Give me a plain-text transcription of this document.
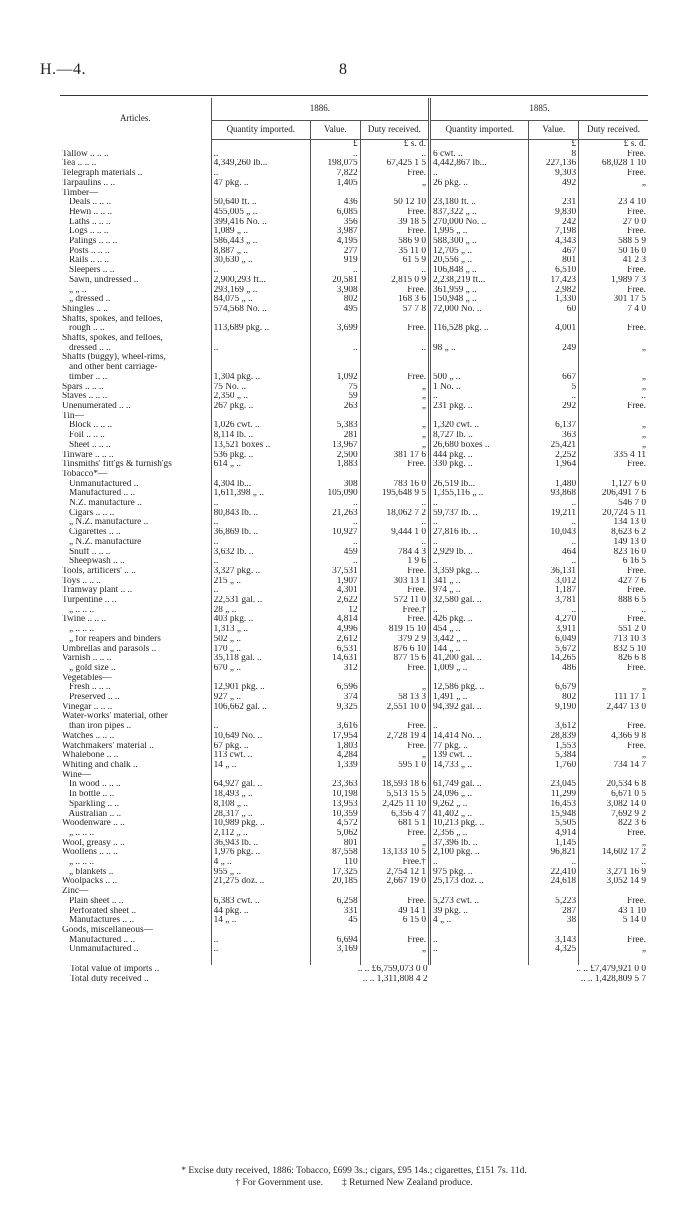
H.—4.	8
Articles.	1886.			1885.		
	Quantity imported.	Value.	Duty received.	Quantity imported.	Value.	Duty received.
		£	£ s. d.		£	£ s. d.
Tallow .. .. ..	..	..	..	6 cwt. ..	8	Free.
Tea .. .. ..	4,349,260 lb...	198,075	67,425 1 5	4,442,867 lb...	227,136	68,028 1 10
Telegraph materials ..	..	7,822	Free.	..	9,303	Free.
Tarpaulins .. ..	47 pkg. ..	1,405	„	26 pkg. ..	492	„
Timber—						
Deals .. .. ..	50,640 ft. ..	436	50 12 10	23,180 ft. ..	231	23 4 10
Hewn .. .. ..	455,005 „ ..	6,085	Free.	837,322 „ ..	9,830	Free.
Laths .. .. ..	399,416 No. ..	356	39 18 5	270,000 No. ..	242	27 0 0
Logs .. .. ..	1,089 „ ..	3,987	Free.	1,995 „ ..	7,198	Free.
Palings .. .. ..	586,443 „ ..	4,195	586 9 0	588,300 „ ..	4,343	588 5 9
Posts .. .. ..	8,887 „ ..	277	35 11 0	12,705 „ ..	467	50 16 0
Rails .. .. ..	30,630 „ ..	919	61 5 9	20,556 „ ..	801	41 2 3
Sleepers .. ..	..	..	..	106,848 „ ..	6,510	Free.
Sawn, undressed ..	2,900,293 ft...	20,581	2,815 0 9	2,238,219 ft...	17,423	1,989 7 3
„ „ ..	293,169 „ ..	3,908	Free.	361,959 „ ..	2,982	Free.
„ dressed ..	84,075 „ ..	802	168 3 6	150,948 „ ..	1,330	301 17 5
Shingles .. ..	574,568 No. ..	495	57 7 8	72,000 No. ..	60	7 4 0
Shafts, spokes, and felloes,						
rough .. ..	113,689 pkg. ..	3,699	Free.	116,528 pkg. ..	4,001	Free.
Shafts, spokes, and felloes,						
dressed .. ..	..	..	..	98 „ ..	249	„
Shafts (buggy), wheel-rims,						
and other bent carriage-						
timber .. ..	1,304 pkg. ..	1,092	Free.	500 „ ..	667	„
Spars .. .. ..	75 No. ..	75	„	1 No. ..	5	„
Staves .. .. ..	2,350 „ ..	59	„	..	..	..
Unenumerated .. ..	267 pkg. ..	263	„	231 pkg. ..	292	Free.
Tin—						
Block .. .. ..	1,026 cwt. ..	5,383	„	1,320 cwt. ..	6,137	„
Foil .. .. ..	8,114 lb. ..	281	„	8,727 lb. ..	363	„
Sheet .. .. ..	13,521 boxes ..	13,967	„	26,680 boxes ..	25,421	„
Tinware .. .. ..	536 pkg. ..	2,500	381 17 6	444 pkg. ..	2,252	335 4 11
Tinsmiths' fitt'gs & furnish'gs	614 „ ..	1,883	Free.	330 pkg. ..	1,964	Free.
Tobacco*—						
Unmanufactured ..	4,304 lb...	308	783 16 0	26,519 lb...	1,480	1,127 6 0
Manufactured .. ..	1,611,398 „ ..	105,090	195,648 9 5	1,355,116 „ ..	93,868	206,491 7 6
N.Z. manufacture ..	..	..	..	..	..	546 7 0
Cigars .. .. ..	80,843 lb. ..	21,263	18,062 7 2	59,737 lb. ..	19,211	20,724 5 11
„ N.Z. manufacture ..	..	..	..	..	..	134 13 0
Cigarettes .. ..	36,869 lb. ..	10,927	9,444 1 0	27,816 lb. ..	10,043	8,623 6 2
„ N.Z. manufacture	..	..	..	..	..	149 13 0
Snuff .. .. ..	3,632 lb. ..	459	784 4 3	2,929 lb. ..	464	823 16 0
Sheepwash .. ..	..	..	1 9 6	..	..	6 16 5
Tools, artificers' .. ..	3,327 pkg. ..	37,531	Free.	3,359 pkg. ..	36,131	Free.
Toys .. .. ..	215 „ ..	1,907	303 13 1	341 „ ..	3,012	427 7 6
Tramway plant .. ..	..	4,301	Free.	974 „ ..	1,187	Free.
Turpentine .. ..	22,531 gal. ..	2,622	572 11 0	32,580 gal. ..	3,781	888 6 5
„ .. .. ..	28 „ ..	12	Free.†	..	..	..
Twine .. .. ..	403 pkg. ..	4,814	Free.	426 pkg. ..	4,270	Free.
„ .. .. ..	1,313 „ ..	4,996	819 15 10	454 „ ..	3,911	551 2 0
„ for reapers and binders	502 „ ..	2,612	379 2 9	3,442 „ ..	6,049	713 10 3
Umbrellas and parasols ..	170 „ ..	6,531	876 6 10	144 „ ..	5,672	832 5 10
Varnish .. .. ..	35,118 gal. ..	14,631	877 15 6	41,200 gal. ..	14,265	826 6 8
„ gold size ..	670 „ ..	312	Free.	1,009 „ ..	486	Free.
Vegetables—						
Fresh .. .. ..	12,901 pkg. ..	6,596	„	12,586 pkg. ..	6,679	„
Preserved .. ..	927 „ ..	374	58 13 3	1,491 „ ..	802	111 17 1
Vinegar .. .. ..	106,662 gal. ..	9,325	2,551 10 0	94,392 gal. ..	9,190	2,447 13 0
Water-works' material, other						
than iron pipes ..	..	3,616	Free.	..	3,612	Free.
Watches .. .. ..	10,649 No. ..	17,954	2,728 19 4	14,414 No. ..	28,839	4,366 9 8
Watchmakers' material ..	67 pkg. ..	1,803	Free.	77 pkg. ..	1,553	Free.
Whalebone .. ..	113 cwt. ..	4,284	„	139 cwt. ..	5,384	„
Whiting and chalk ..	14 „ ..	1,339	595 1 0	14,733 „ ..	1,760	734 14 7
Wine—						
In wood .. .. ..	64,927 gal. ..	23,363	18,593 18 6	61,749 gal. ..	23,045	20,534 6 8
In bottle .. ..	18,493 „ ..	10,198	5,513 15 5	24,096 „ ..	11,299	6,671 0 5
Sparkling .. ..	8,108 „ ..	13,953	2,425 11 10	9,262 „ ..	16,453	3,082 14 0
Australian .. ..	28,317 „ ..	10,359	6,356 4 7	41,402 „ ..	15,948	7,692 9 2
Woodenware .. ..	10,989 pkg. ..	4,572	681 5 1	10,213 pkg. ..	5,505	822 3 6
„ .. .. ..	2,112 „ ..	5,062	Free.	2,356 „ ..	4,914	Free.
Wool, greasy .. ..	36,943 lb. ..	801	„	37,396 lb. ..	1,145	„
Woollens .. .. ..	1,976 pkg. ..	87,558	13,133 10 5	2,100 pkg. ..	96,821	14,602 17 2
„ .. .. ..	4 „ ..	110	Free.†	..	..	..
„ blankets ..	955 „ ..	17,325	2,754 12 1	975 pkg. ..	22,410	3,271 16 9
Woolpacks .. ..	21,275 doz. ..	20,185	2,667 19 0	25,173 doz. ..	24,618	3,052 14 9
Zinc—						
Plain sheet .. ..	6,383 cwt. ..	6,258	Free.	5,273 cwt. ..	5,223	Free.
Perforated sheet ..	44 pkg. ..	331	49 14 1	39 pkg. ..	287	43 1 10
Manufactures .. ..	14 „ ..	45	6 15 0	4 „ ..	38	5 14 0
Goods, miscellaneous—						
Manufactured .. ..	..	6,694	Free.	..	3,143	Free.
Unmanufactured ..	..	3,169	„	..	4,325	„

Total value of imports ..	.. .. £6,759,073 0 0			.. .. £7,479,921 0 0		
Total duty received ..	.. .. 1,311,808 4 2			.. .. 1,428,809 5 7		
* Excise duty received, 1886: Tobacco, £699 3s.; cigars, £95 14s.; cigarettes, £151 7s. 11d.
† For Government use.        ‡ Returned New Zealand produce.
